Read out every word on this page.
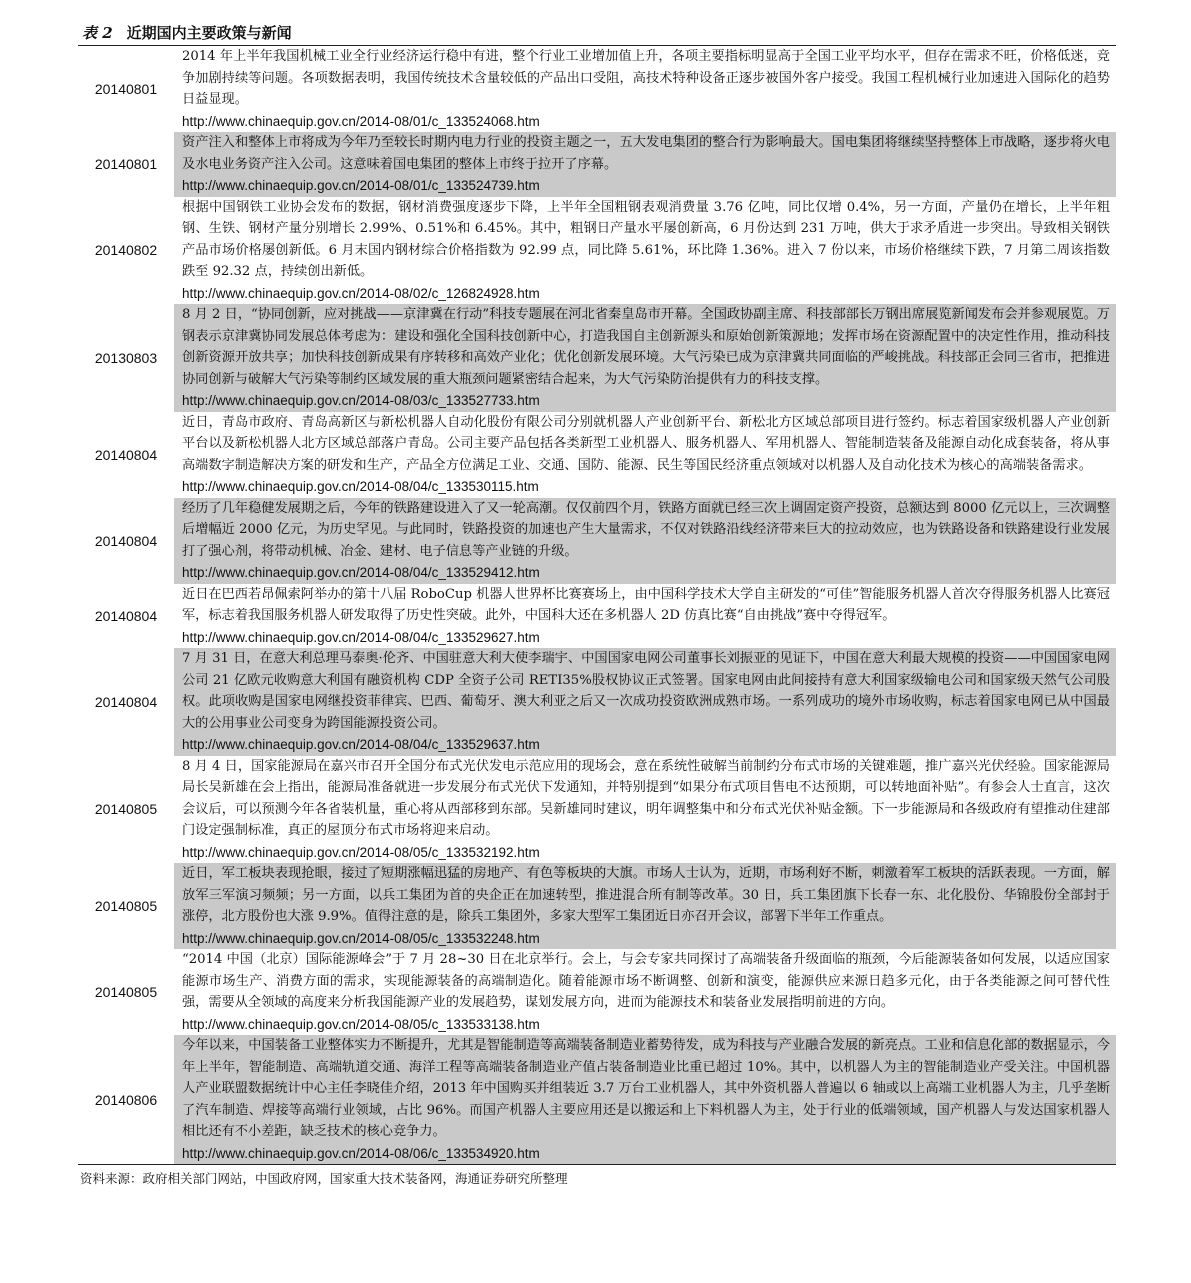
表 2 近期国内主要政策与新闻
20140801	2014 年上半年我国机械工业全行业经济运行稳中有进，整个行业工业增加值上升，各项主要指标明显高于全国工业平均水平，但存在需求不旺，价格低迷，竞争加剧持续等问题。各项数据表明，我国传统技术含量较低的产品出口受阻，高技术特种设备正逐步被国外客户接受。我国工程机械行业加速进入国际化的趋势日益显现。
http://www.chinaequip.gov.cn/2014-08/01/c_133524068.htm

20140801	资产注入和整体上市将成为今年乃至较长时期内电力行业的投资主题之一，五大发电集团的整合行为影响最大。国电集团将继续坚持整体上市战略，逐步将火电及水电业务资产注入公司。这意味着国电集团的整体上市终于拉开了序幕。
http://www.chinaequip.gov.cn/2014-08/01/c_133524739.htm

20140802	根据中国钢铁工业协会发布的数据，钢材消费强度逐步下降，上半年全国粗钢表观消费量 3.76 亿吨，同比仅增 0.4%，另一方面，产量仍在增长，上半年粗钢、生铁、钢材产量分别增长 2.99%、0.51%和 6.45%。其中，粗钢日产量水平屡创新高，6 月份达到 231 万吨，供大于求矛盾进一步突出。导致相关钢铁产品市场价格屡创新低。6 月末国内钢材综合价格指数为 92.99 点，同比降 5.61%，环比降 1.36%。进入 7 份以来，市场价格继续下跌，7 月第二周该指数跌至 92.32 点，持续创出新低。
http://www.chinaequip.gov.cn/2014-08/02/c_126824928.htm

20130803	8 月 2 日，“协同创新，应对挑战——京津冀在行动”科技专题展在河北省秦皇岛市开幕。全国政协副主席、科技部部长万钢出席展览新闻发布会并参观展览。万钢表示京津冀协同发展总体考虑为：建设和强化全国科技创新中心，打造我国自主创新源头和原始创新策源地；发挥市场在资源配置中的决定性作用，推动科技创新资源开放共享；加快科技创新成果有序转移和高效产业化；优化创新发展环境。大气污染已成为京津冀共同面临的严峻挑战。科技部正会同三省市，把推进协同创新与破解大气污染等制约区域发展的重大瓶颈问题紧密结合起来，为大气污染防治提供有力的科技支撑。
http://www.chinaequip.gov.cn/2014-08/03/c_133527733.htm

20140804	近日，青岛市政府、青岛高新区与新松机器人自动化股份有限公司分别就机器人产业创新平台、新松北方区域总部项目进行签约。标志着国家级机器人产业创新平台以及新松机器人北方区域总部落户青岛。公司主要产品包括各类新型工业机器人、服务机器人、军用机器人、智能制造装备及能源自动化成套装备，将从事高端数字制造解决方案的研发和生产，产品全方位满足工业、交通、国防、能源、民生等国民经济重点领域对以机器人及自动化技术为核心的高端装备需求。
http://www.chinaequip.gov.cn/2014-08/04/c_133530115.htm

20140804	经历了几年稳健发展期之后，今年的铁路建设进入了又一轮高潮。仅仅前四个月，铁路方面就已经三次上调固定资产投资，总额达到 8000 亿元以上，三次调整后增幅近 2000 亿元，为历史罕见。与此同时，铁路投资的加速也产生大量需求，不仅对铁路沿线经济带来巨大的拉动效应，也为铁路设备和铁路建设行业发展打了强心剂，将带动机械、冶金、建材、电子信息等产业链的升级。
http://www.chinaequip.gov.cn/2014-08/04/c_133529412.htm

20140804	近日在巴西若昂佩索阿举办的第十八届 RoboCup 机器人世界杯比赛赛场上，由中国科学技术大学自主研发的“可佳”智能服务机器人首次夺得服务机器人比赛冠军，标志着我国服务机器人研发取得了历史性突破。此外，中国科大还在多机器人 2D 仿真比赛“自由挑战”赛中夺得冠军。
http://www.chinaequip.gov.cn/2014-08/04/c_133529627.htm

20140804	7 月 31 日，在意大利总理马泰奥·伦齐、中国驻意大利大使李瑞宇、中国国家电网公司董事长刘振亚的见证下，中国在意大利最大规模的投资——中国国家电网公司 21 亿欧元收购意大利国有融资机构 CDP 全资子公司 RETI35%股权协议正式签署。国家电网由此间接持有意大利国家级输电公司和国家级天然气公司股权。此项收购是国家电网继投资菲律宾、巴西、葡萄牙、澳大利亚之后又一次成功投资欧洲成熟市场。一系列成功的境外市场收购，标志着国家电网已从中国最大的公用事业公司变身为跨国能源投资公司。
http://www.chinaequip.gov.cn/2014-08/04/c_133529637.htm

20140805	8 月 4 日，国家能源局在嘉兴市召开全国分布式光伏发电示范应用的现场会，意在系统性破解当前制约分布式市场的关键难题，推广嘉兴光伏经验。国家能源局局长吴新雄在会上指出，能源局准备就进一步发展分布式光伏下发通知，并特别提到“如果分布式项目售电不达预期，可以转地面补贴”。有参会人士直言，这次会议后，可以预测今年各省装机量，重心将从西部移到东部。吴新雄同时建议，明年调整集中和分布式光伏补贴金额。下一步能源局和各级政府有望推动住建部门设定强制标准，真正的屋顶分布式市场将迎来启动。
http://www.chinaequip.gov.cn/2014-08/05/c_133532192.htm

20140805	近日，军工板块表现抢眼，接过了短期涨幅迅猛的房地产、有色等板块的大旗。市场人士认为，近期，市场利好不断，刺激着军工板块的活跃表现。一方面，解放军三军演习频频；另一方面，以兵工集团为首的央企正在加速转型，推进混合所有制等改革。30 日，兵工集团旗下长春一东、北化股份、华锦股份全部封于涨停，北方股份也大涨 9.9%。值得注意的是，除兵工集团外，多家大型军工集团近日亦召开会议，部署下半年工作重点。
http://www.chinaequip.gov.cn/2014-08/05/c_133532248.htm

20140805	“2014 中国（北京）国际能源峰会”于 7 月 28~30 日在北京举行。会上，与会专家共同探讨了高端装备升级面临的瓶颈，今后能源装备如何发展，以适应国家能源市场生产、消费方面的需求，实现能源装备的高端制造化。随着能源市场不断调整、创新和演变，能源供应来源日趋多元化，由于各类能源之间可替代性强，需要从全领域的高度来分析我国能源产业的发展趋势，谋划发展方向，进而为能源技术和装备业发展指明前进的方向。
http://www.chinaequip.gov.cn/2014-08/05/c_133533138.htm

20140806	今年以来，中国装备工业整体实力不断提升，尤其是智能制造等高端装备制造业蓄势待发，成为科技与产业融合发展的新亮点。工业和信息化部的数据显示，今年上半年，智能制造、高端轨道交通、海洋工程等高端装备制造业产值占装备制造业比重已超过 10%。其中，以机器人为主的智能制造业产受关注。中国机器人产业联盟数据统计中心主任李晓佳介绍，2013 年中国购买并组装近 3.7 万台工业机器人，其中外资机器人普遍以 6 轴或以上高端工业机器人为主，几乎垄断了汽车制造、焊接等高端行业领域，占比 96%。而国产机器人主要应用还是以搬运和上下料机器人为主，处于行业的低端领域，国产机器人与发达国家机器人相比还有不小差距，缺乏技术的核心竞争力。
http://www.chinaequip.gov.cn/2014-08/06/c_133534920.htm
资料来源：政府相关部门网站，中国政府网，国家重大技术装备网，海通证券研究所整理
